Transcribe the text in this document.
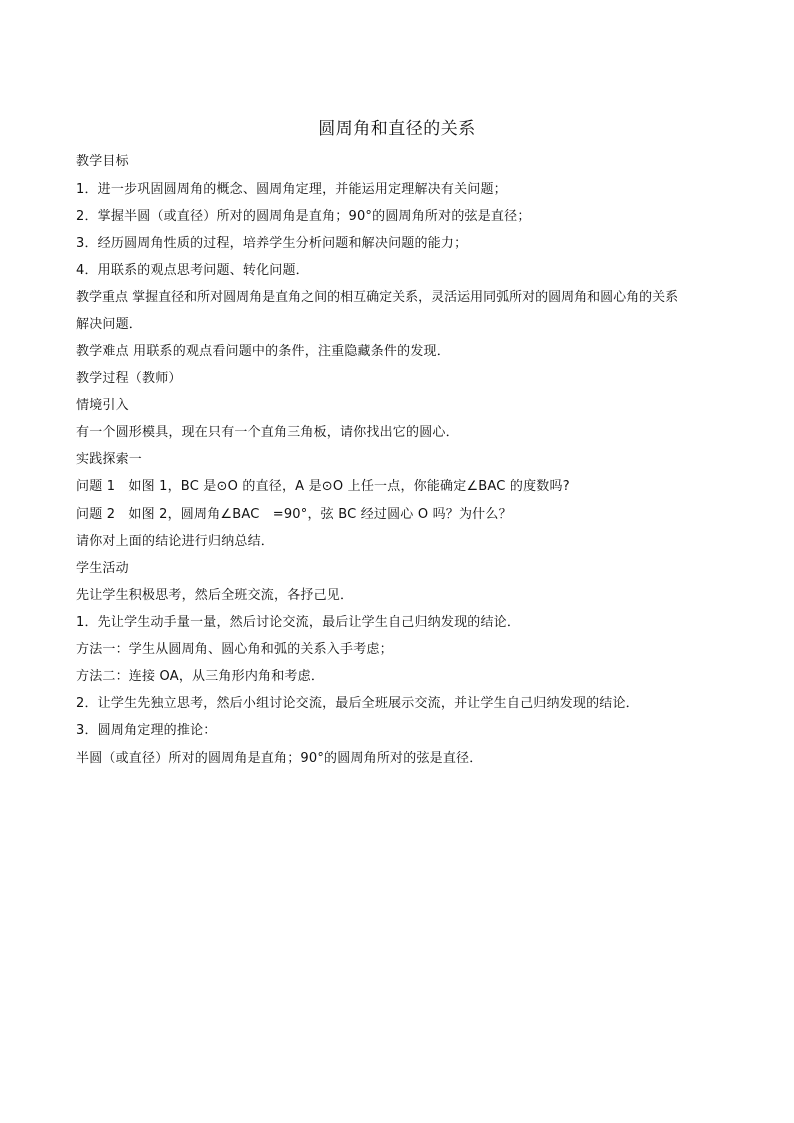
圆周角和直径的关系
教学目标
1．进一步巩固圆周角的概念、圆周角定理，并能运用定理解决有关问题；
2．掌握半圆（或直径）所对的圆周角是直角；90°的圆周角所对的弦是直径；
3．经历圆周角性质的过程，培养学生分析问题和解决问题的能力；
4．用联系的观点思考问题、转化问题．
教学重点 掌握直径和所对圆周角是直角之间的相互确定关系，灵活运用同弧所对的圆周角和圆心角的关系
解决问题．
教学难点 用联系的观点看问题中的条件，注重隐藏条件的发现．
教学过程（教师）
情境引入
有一个圆形模具，现在只有一个直角三角板，请你找出它的圆心．
实践探索一
问题 1　如图 1，BC 是⊙O 的直径，A 是⊙O 上任一点，你能确定∠BAC 的度数吗?
问题 2　如图 2，圆周角∠BAC　=90°，弦 BC 经过圆心 O 吗？为什么？
请你对上面的结论进行归纳总结．
学生活动
先让学生积极思考，然后全班交流，各抒己见．
1．先让学生动手量一量，然后讨论交流，最后让学生自己归纳发现的结论．
方法一：学生从圆周角、圆心角和弧的关系入手考虑；
方法二：连接 OA，从三角形内角和考虑．
2．让学生先独立思考，然后小组讨论交流，最后全班展示交流，并让学生自己归纳发现的结论．
3．圆周角定理的推论：
半圆（或直径）所对的圆周角是直角；90°的圆周角所对的弦是直径．
